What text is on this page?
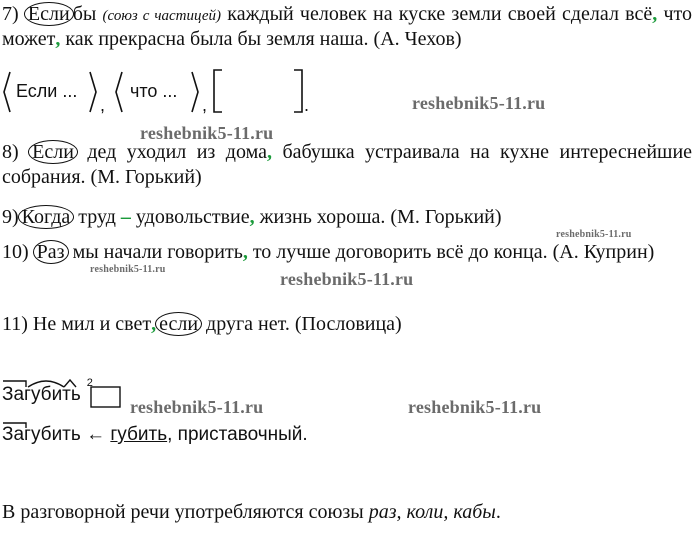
7) Если бы (союз с частицей) каждый человек на куске земли своей сделал всё, что может, как прекрасна была бы земля наша. (А. Чехов)
Если ...
,
что ...
,	.
8) Если дед уходил из дома, бабушка устраивала на кухне интереснейшие собрания. (М. Горький)
9) Когда труд – удовольствие, жизнь хороша. (М. Горький)
10) Раз мы начали говорить, то лучше договорить всё до конца. (А. Куприн)
11) Не мил и свет, если друга нет. (Пословица)
Загубить$^2$
Загубить ← губить, приставочный.
В разговорной речи употребляются союзы раз, коли, кабы.
reshebnik5-11.ru
reshebnik5-11.ru
reshebnik5-11.ru
reshebnik5-11.ru	reshebnik5-11.ru
reshebnik5-11.ru	reshebnik5-11.ru
